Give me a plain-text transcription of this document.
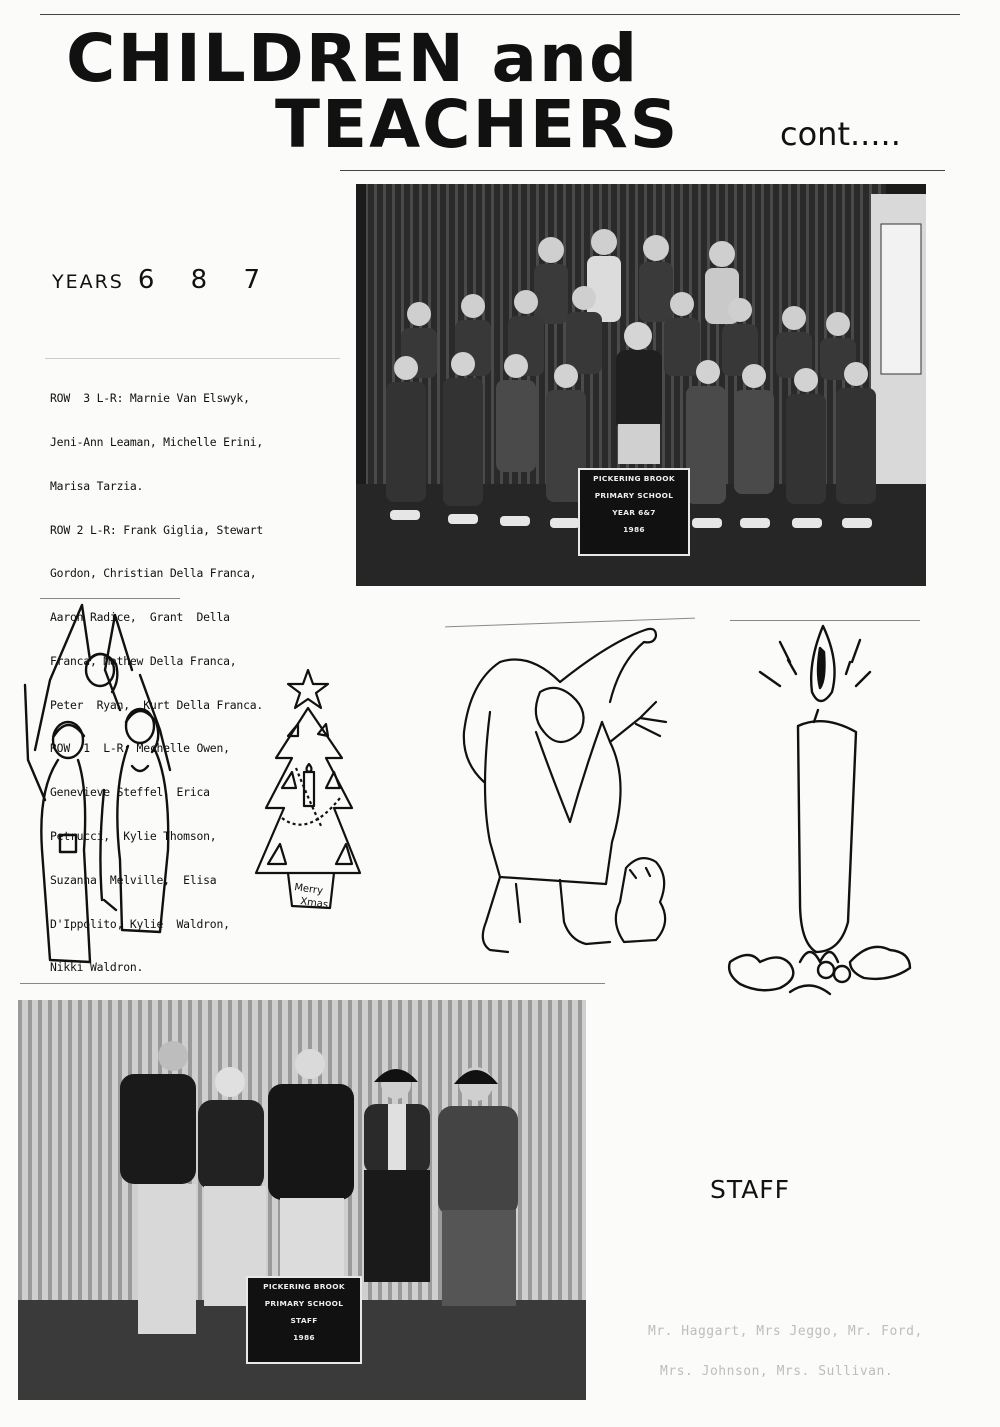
CHILDREN and
TEACHERS	cont.....
YEARS 6 8 7

ROW  3 L-R: Marnie Van Elswyk,

Jeni-Ann Leaman, Michelle Erini,

Marisa Tarzia.

ROW 2 L-R: Frank Giglia, Stewart

Gordon, Christian Della Franca,

Aaron Radice,  Grant  Della

Franca, Mathew Della Franca,

Peter  Ryan,  Kurt Della Franca.

ROW  1  L-R: Mechelle Owen,

Genevieve Steffel, Erica

Petrucci,  Kylie Thomson,

Suzanna  Melville,  Elisa

D'Ippolito, Kylie  Waldron,

Nikki Waldron.

PICKERING BROOK
PRIMARY SCHOOL
YEAR 6&7
1986
Merry
Xmas
PICKERING BROOK
PRIMARY SCHOOL
STAFF
1986
STAFF
Mr. Haggart, Mrs Jeggo, Mr. Ford,
Mrs. Johnson, Mrs. Sullivan.
